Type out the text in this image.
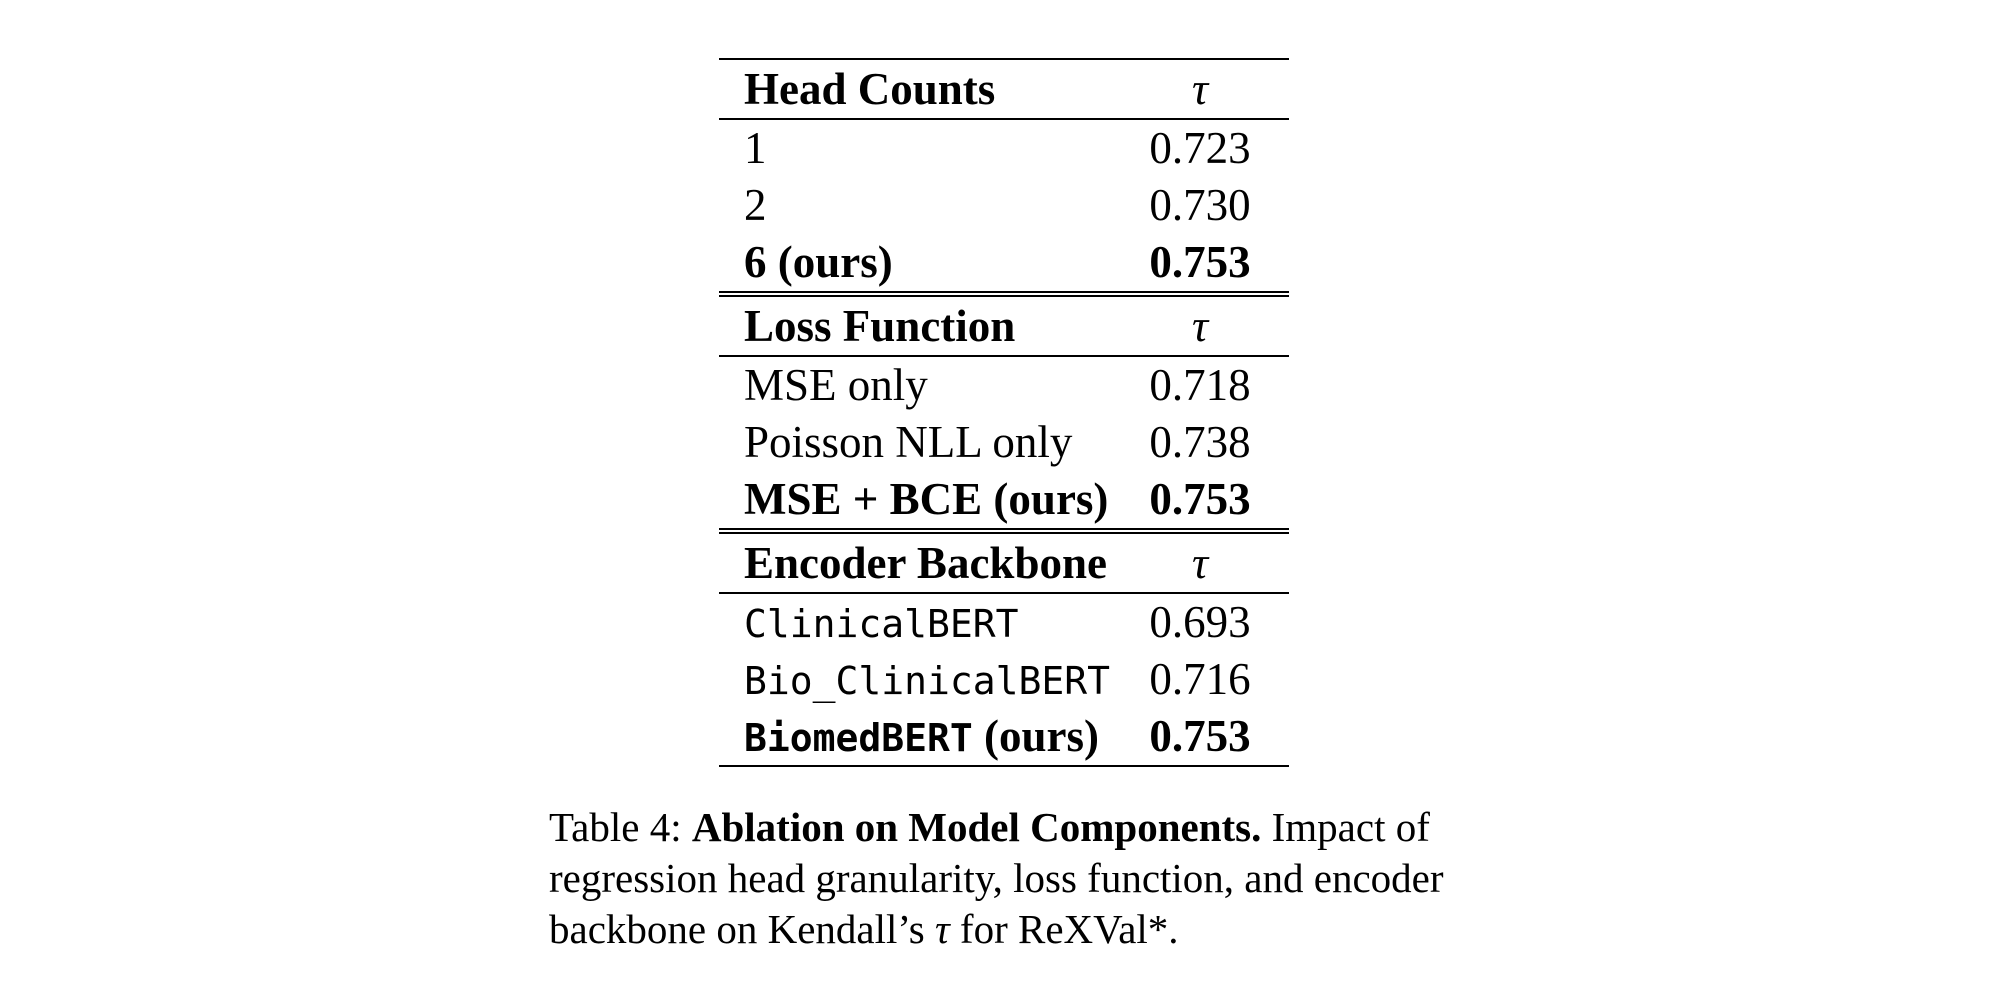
Head Counts	τ
1	0.723
2	0.730
6 (ours)	0.753
Loss Function	τ
MSE only	0.718
Poisson NLL only	0.738
MSE + BCE (ours)	0.753
Encoder Backbone	τ
ClinicalBERT	0.693
Bio_ClinicalBERT	0.716
BiomedBERT (ours)	0.753
Table 4: Ablation on Model Components. Impact of regression head granularity, loss function, and encoder backbone on Kendall’s τ for ReXVal*.
